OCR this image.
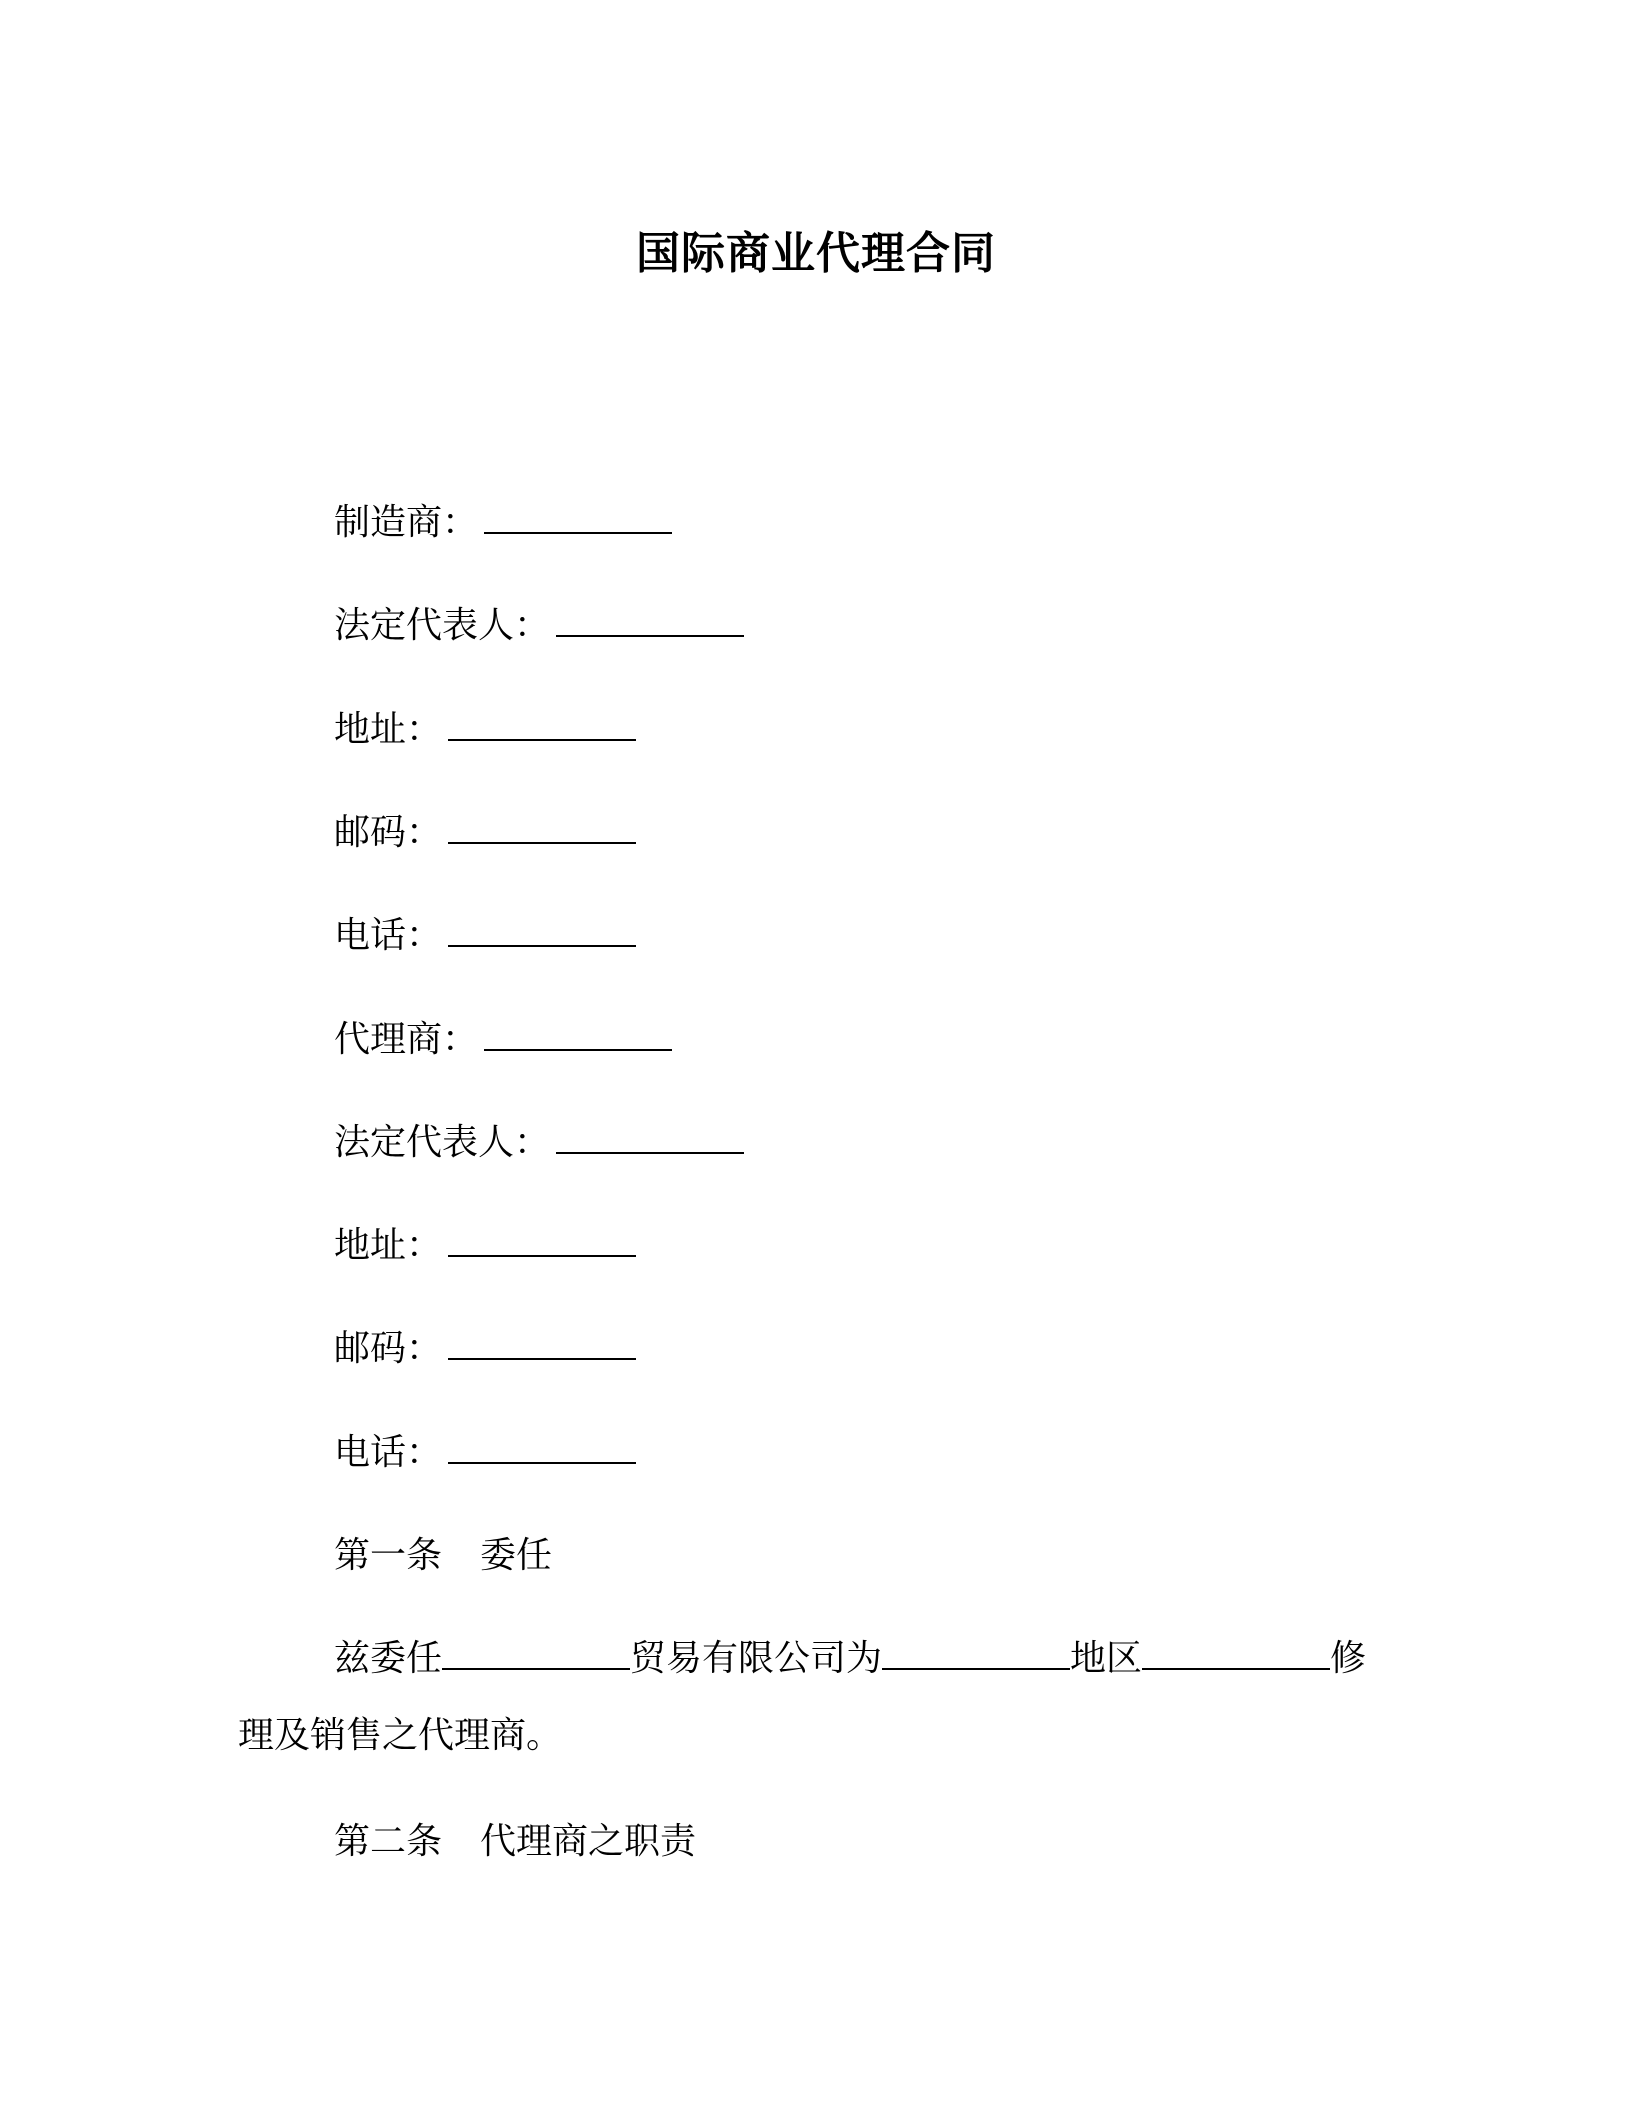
国际商业代理合同
制造商：
法定代表人：
地址：
邮码：
电话：
代理商：
法定代表人：
地址：
邮码：
电话：
第一条 委任
兹委任	贸易有限公司为	地区	修
理及销售之代理商。
第二条 代理商之职责
